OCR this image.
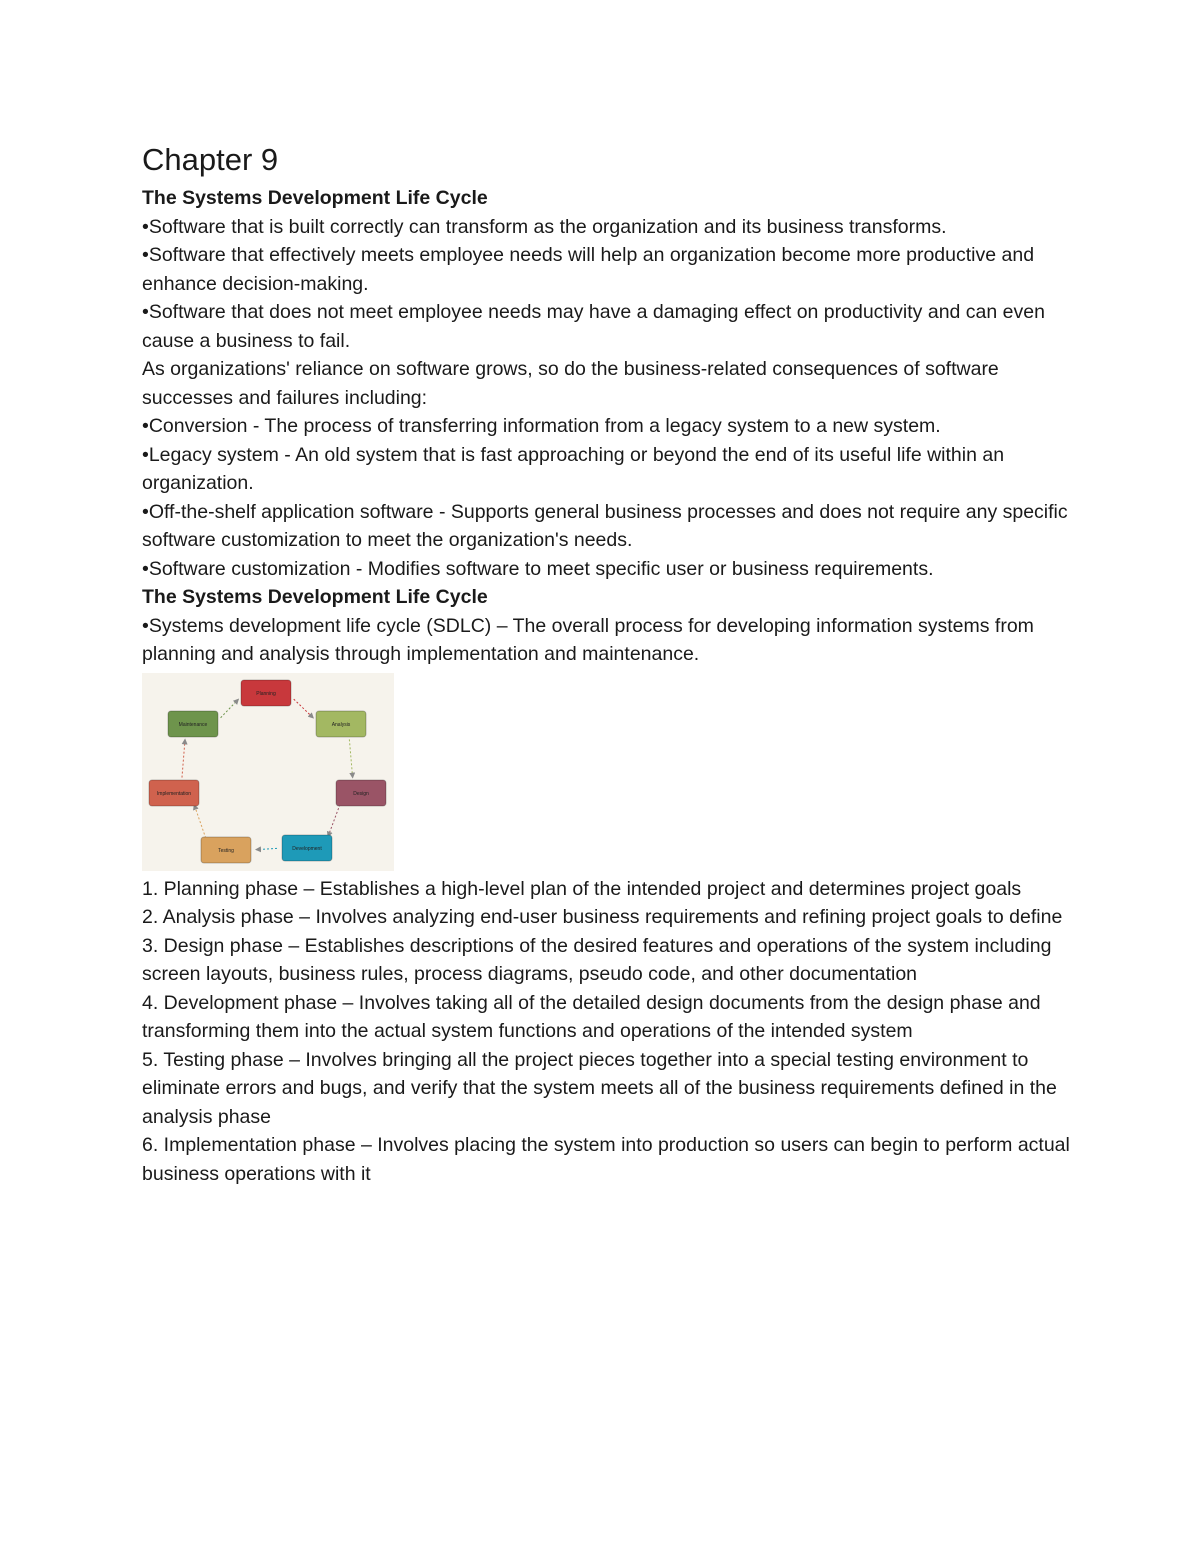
Chapter 9

The Systems Development Life Cycle

•Software that is built correctly can transform as the organization and its business transforms.

•Software that effectively meets employee needs will help an organization become more productive and enhance decision-making.

•Software that does not meet employee needs may have a damaging effect on productivity and can even cause a business to fail.

As organizations' reliance on software grows, so do the business-related consequences of software successes and failures including:

•Conversion - The process of transferring information from a legacy system to a new system.

•Legacy system - An old system that is fast approaching or beyond the end of its useful life within an organization.

•Off-the-shelf application software - Supports general business processes and does not require any specific software customization to meet the organization's needs.

•Software customization - Modifies software to meet specific user or business requirements.

The Systems Development Life Cycle

•Systems development life cycle (SDLC) – The overall process for developing information systems from planning and analysis through implementation and maintenance.

Planning
Analysis
Design
Development
Testing
Implementation
Maintenance

1. Planning phase – Establishes a high-level plan of the intended project and determines project goals

2. Analysis phase – Involves analyzing end-user business requirements and refining project goals to define

3. Design phase – Establishes descriptions of the desired features and operations of the system including screen layouts, business rules, process diagrams, pseudo code, and other documentation

4. Development phase – Involves taking all of the detailed design documents from the design phase and transforming them into the actual system functions and operations of the intended system

5. Testing phase – Involves bringing all the project pieces together into a special testing environment to eliminate errors and bugs, and verify that the system meets all of the business requirements defined in the analysis phase

6. Implementation phase – Involves placing the system into production so users can begin to perform actual business operations with it
